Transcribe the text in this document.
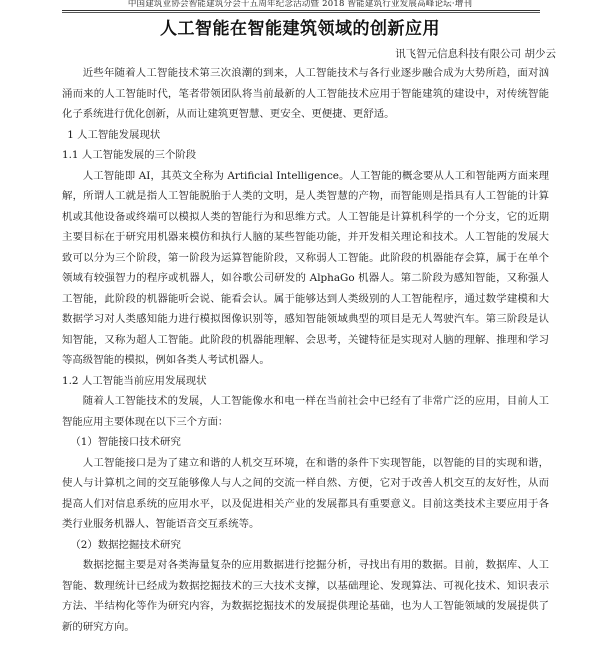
中国建筑业协会智能建筑分会十五周年纪念活动暨 2018 智能建筑行业发展高峰论坛·增刊
人工智能在智能建筑领域的创新应用
讯飞智元信息科技有限公司 胡少云

近些年随着人工智能技术第三次浪潮的到来，人工智能技术与各行业逐步融合成为大势所趋，面对汹涌而来的人工智能时代，笔者带领团队将当前最新的人工智能技术应用于智能建筑的建设中，对传统智能化子系统进行优化创新，从而让建筑更智慧、更安全、更便捷、更舒适。

1 人工智能发展现状

1.1 人工智能发展的三个阶段

人工智能即 AI，其英文全称为 Artificial Intelligence。人工智能的概念要从人工和智能两方面来理解，所谓人工就是指人工智能脱胎于人类的文明，是人类智慧的产物，而智能则是指具有人工智能的计算机或其他设备或终端可以模拟人类的智能行为和思维方式。人工智能是计算机科学的一个分支，它的近期主要目标在于研究用机器来模仿和执行人脑的某些智能功能，并开发相关理论和技术。人工智能的发展大致可以分为三个阶段，第一阶段为运算智能阶段，又称弱人工智能。此阶段的机器能存会算，属于在单个领域有较强智力的程序或机器人，如谷歌公司研发的 AlphaGo 机器人。第二阶段为感知智能，又称强人工智能，此阶段的机器能听会说、能看会认。属于能够达到人类级别的人工智能程序，通过数学建模和大数据学习对人类感知能力进行模拟图像识别等，感知智能领域典型的项目是无人驾驶汽车。第三阶段是认知智能，又称为超人工智能。此阶段的机器能理解、会思考，关键特征是实现对人脑的理解、推理和学习等高级智能的模拟，例如各类人考试机器人。

1.2 人工智能当前应用发展现状

随着人工智能技术的发展，人工智能像水和电一样在当前社会中已经有了非常广泛的应用，目前人工智能应用主要体现在以下三个方面：

（1）智能接口技术研究

人工智能接口是为了建立和谐的人机交互环境，在和谐的条件下实现智能，以智能的目的实现和谐，使人与计算机之间的交互能够像人与人之间的交流一样自然、方便，它对于改善人机交互的友好性，从而提高人们对信息系统的应用水平，以及促进相关产业的发展都具有重要意义。目前这类技术主要应用于各类行业服务机器人、智能语音交互系统等。

（2）数据挖掘技术研究

数据挖掘主要是对各类海量复杂的应用数据进行挖掘分析，寻找出有用的数据。目前，数据库、人工智能、数理统计已经成为数据挖掘技术的三大技术支撑，以基础理论、发现算法、可视化技术、知识表示方法、半结构化等作为研究内容，为数据挖掘技术的发展提供理论基础，也为人工智能领域的发展提供了新的研究方向。
